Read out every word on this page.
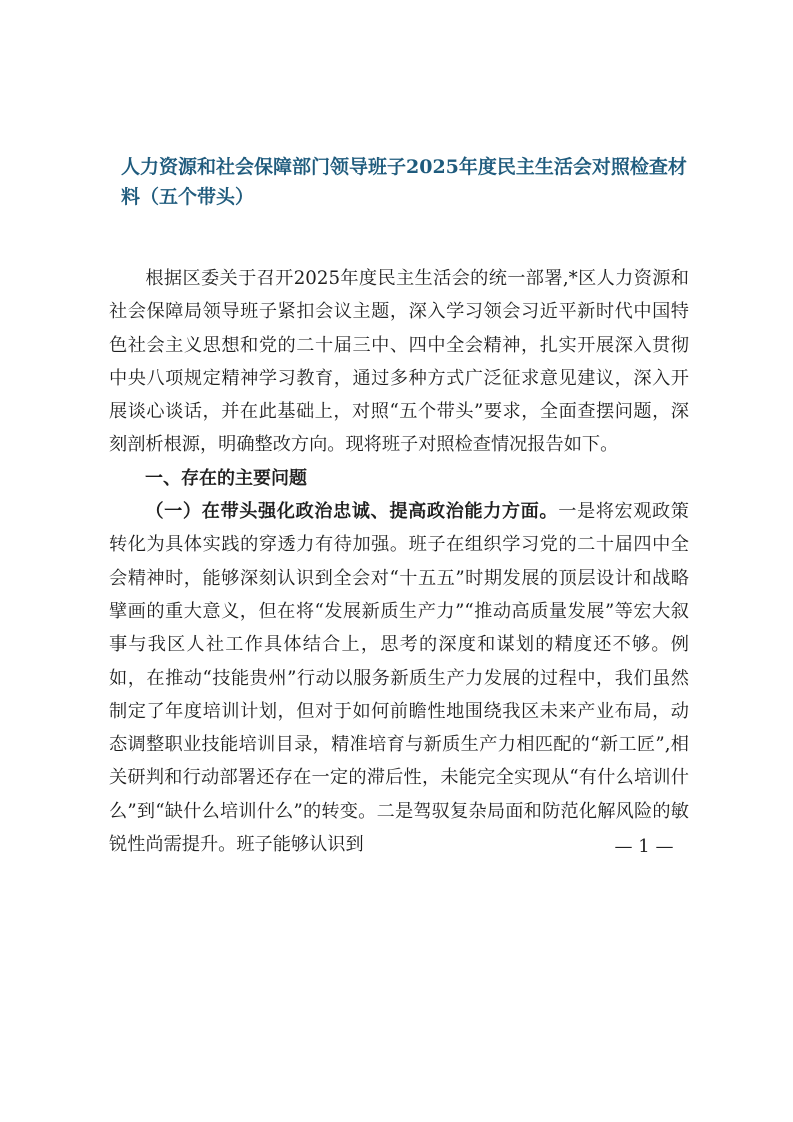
人力资源和社会保障部门领导班子2025年度民主生活会对照检查材料（五个带头）

根据区委关于召开2025年度民主生活会的统一部署,*区人力资源和社会保障局领导班子紧扣会议主题，深入学习领会习近平新时代中国特色社会主义思想和党的二十届三中、四中全会精神，扎实开展深入贯彻中央八项规定精神学习教育，通过多种方式广泛征求意见建议，深入开展谈心谈话，并在此基础上，对照“五个带头”要求，全面查摆问题，深刻剖析根源，明确整改方向。现将班子对照检查情况报告如下。

一、存在的主要问题

（一）在带头强化政治忠诚、提高政治能力方面。一是将宏观政策转化为具体实践的穿透力有待加强。班子在组织学习党的二十届四中全会精神时，能够深刻认识到全会对“十五五”时期发展的顶层设计和战略擘画的重大意义，但在将“发展新质生产力”“推动高质量发展”等宏大叙事与我区人社工作具体结合上，思考的深度和谋划的精度还不够。例如，在推动“技能贵州”行动以服务新质生产力发展的过程中，我们虽然制定了年度培训计划，但对于如何前瞻性地围绕我区未来产业布局，动态调整职业技能培训目录，精准培育与新质生产力相匹配的“新工匠”,相关研判和行动部署还存在一定的滞后性，未能完全实现从“有什么培训什么”到“缺什么培训什么”的转变。二是驾驭复杂局面和防范化解风险的敏锐性尚需提升。班子能够认识到	— 1 —
